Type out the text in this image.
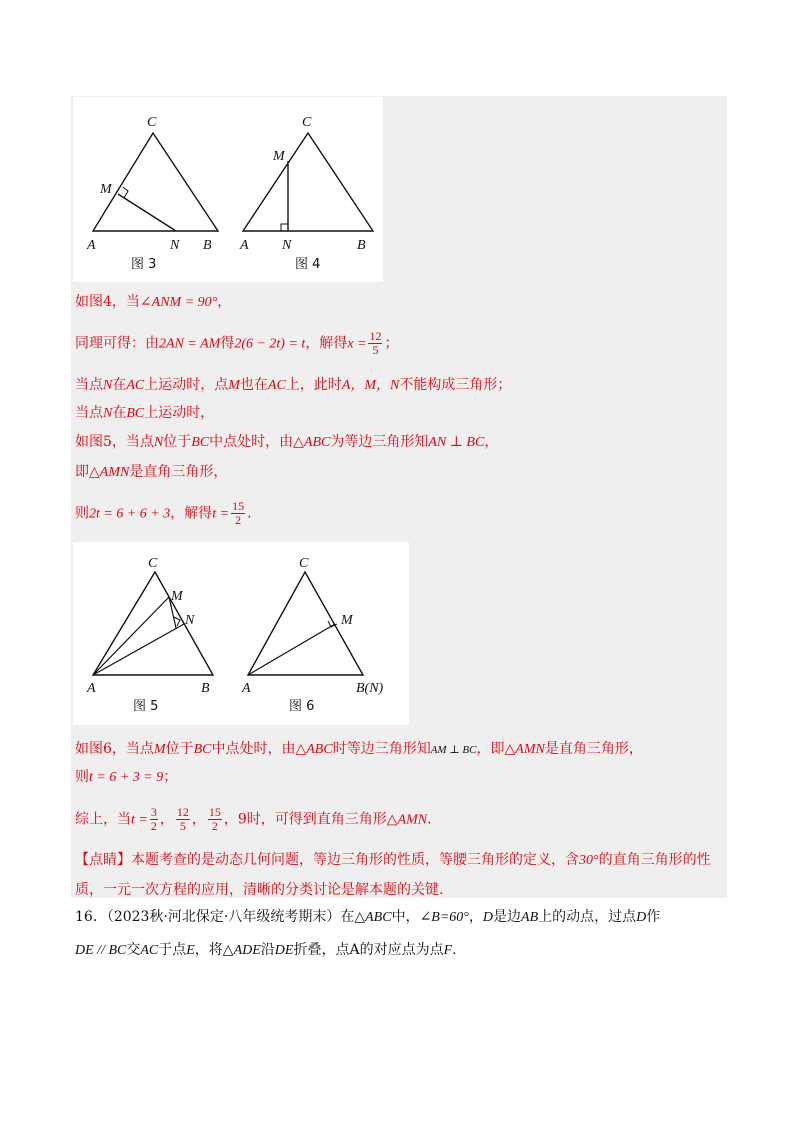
C
M
A	N B
图 3
C
M
A N	B
图 4
如图4，当∠ANM = 90°，
同理可得：由2AN = AM得2(6 − 2t) = t，解得$x = \frac{12}{5}$ ；
当点N在AC上运动时，点M也在AC上，此时A，M，N不能构成三角形；
当点N在BC上运动时，
如图5，当点N位于BC中点处时，由△ABC为等边三角形知AN ⊥ BC，
即△AMN是直角三角形，
则2t = 6 + 6 + 3，解得$t = \frac{15}{2}$ .
C
M
N
A	B
图 5
C
M
A	B(N)
图 6
如图6，当点M位于BC中点处时，由△ABC时等边三角形知AM ⊥ BC，即△AMN是直角三角形，
则t = 6 + 3 = 9；
综上，当$t = \frac{3}{2}$ ， $\frac{12}{5}$ ， $\frac{15}{2}$ ，9时，可得到直角三角形△AMN.
【点睛】本题考查的是动态几何问题，等边三角形的性质，等腰三角形的定义，含30°的直角三角形的性
质，一元一次方程的应用，清晰的分类讨论是解本题的关键.
16．（2023秋·河北保定·八年级统考期末）在△ABC中，∠B=60°，D是边AB上的动点，过点D作
DE // BC交AC于点E，将△ADE沿DE折叠，点A的对应点为点F.
